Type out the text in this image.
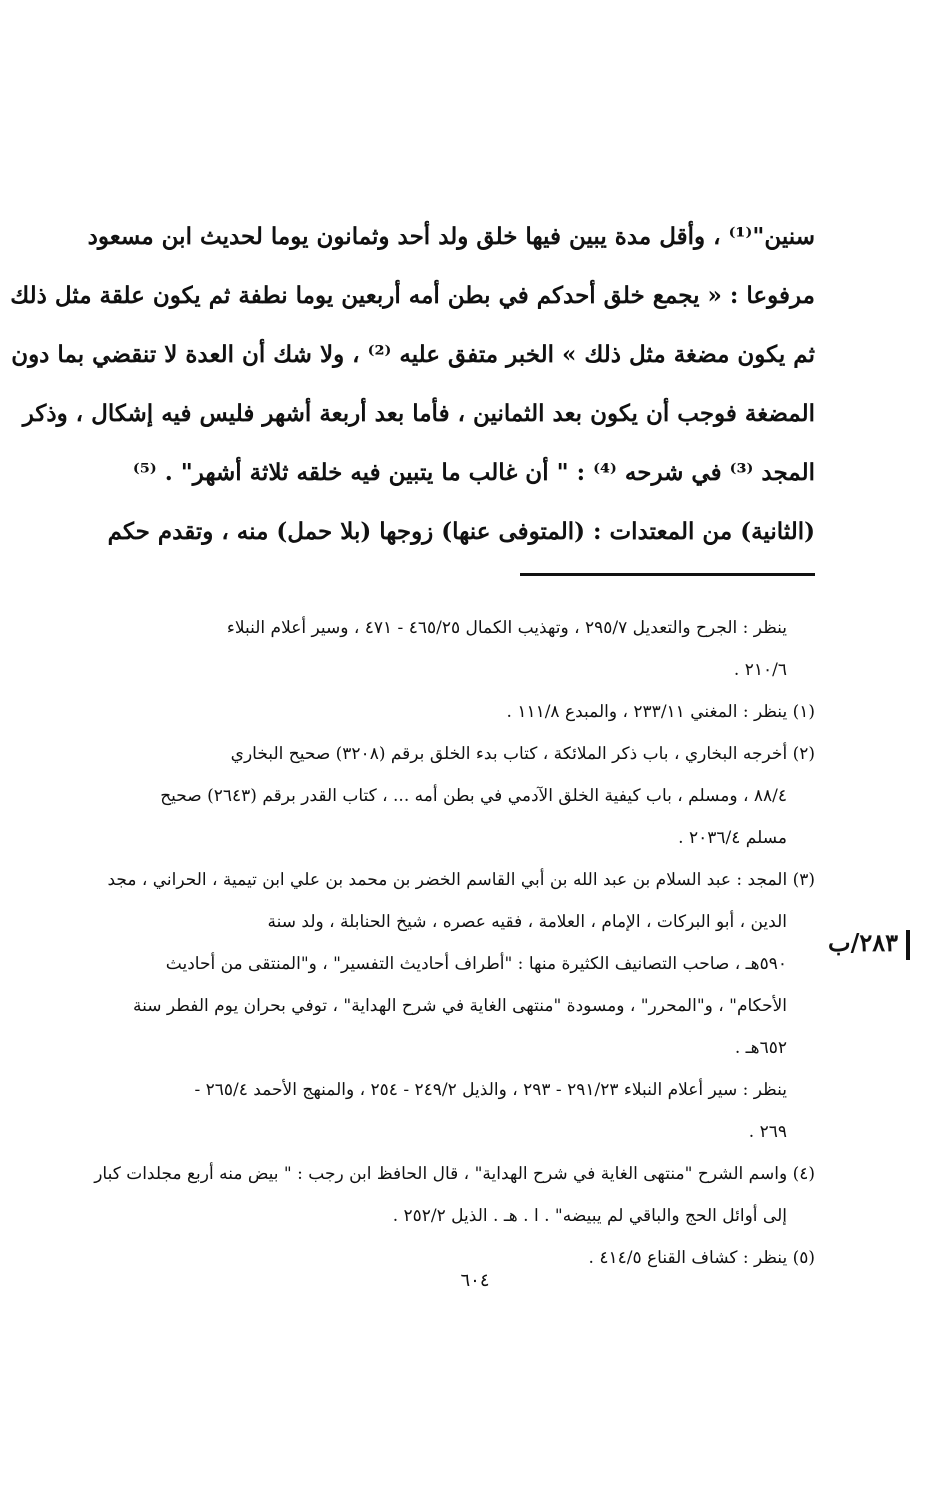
سنين"⁽¹⁾ ، وأقل مدة يبين فيها خلق ولد أحد وثمانون يوما لحديث ابن مسعود
مرفوعا : « يجمع خلق أحدكم في بطن أمه أربعين يوما نطفة ثم يكون علقة مثل ذلك
ثم يكون مضغة مثل ذلك » الخبر متفق عليه ⁽²⁾ ، ولا شك أن العدة لا تنقضي بما دون
المضغة فوجب أن يكون بعد الثمانين ، فأما بعد أربعة أشهر فليس فيه إشكال ، وذكر
المجد ⁽³⁾ في شرحه ⁽⁴⁾ : " أن غالب ما يتبين فيه خلقه ثلاثة أشهر" . ⁽⁵⁾
(الثانية) من المعتدات : (المتوفى عنها) زوجها (بلا حمل) منه ، وتقدم حكم
ينظر : الجرح والتعديل ٢٩٥/٧ ، وتهذيب الكمال ٤٦٥/٢٥ - ٤٧١ ، وسير أعلام النبلاء
٢١٠/٦ .
(١) ينظر : المغني ٢٣٣/١١ ، والمبدع ١١١/٨ .
(٢) أخرجه البخاري ، باب ذكر الملائكة ، كتاب بدء الخلق برقم (٣٢٠٨) صحيح البخاري
٨٨/٤ ، ومسلم ، باب كيفية الخلق الآدمي في بطن أمه ... ، كتاب القدر برقم (٢٦٤٣) صحيح
مسلم ٢٠٣٦/٤ .
(٣) المجد : عبد السلام بن عبد الله بن أبي القاسم الخضر بن محمد بن علي ابن تيمية ، الحراني ، مجد
الدين ، أبو البركات ، الإمام ، العلامة ، فقيه عصره ، شيخ الحنابلة ، ولد سنة
٥٩٠هـ ، صاحب التصانيف الكثيرة منها : "أطراف أحاديث التفسير" ، و"المنتقى من أحاديث
الأحكام" ، و"المحرر" ، ومسودة "منتهى الغاية في شرح الهداية" ، توفي بحران يوم الفطر سنة
٦٥٢هـ .
ينظر : سير أعلام النبلاء ٢٩١/٢٣ - ٢٩٣ ، والذيل ٢٤٩/٢ - ٢٥٤ ، والمنهج الأحمد ٢٦٥/٤ -
٢٦٩ .
(٤) واسم الشرح "منتهى الغاية في شرح الهداية" ، قال الحافظ ابن رجب : " بيض منه أربع مجلدات كبار
إلى أوائل الحج والباقي لم يبيضه" . ا . هـ . الذيل ٢٥٢/٢ .
(٥) ينظر : كشاف القناع ٤١٤/٥ .
٢٨٣/ب
٦٠٤
